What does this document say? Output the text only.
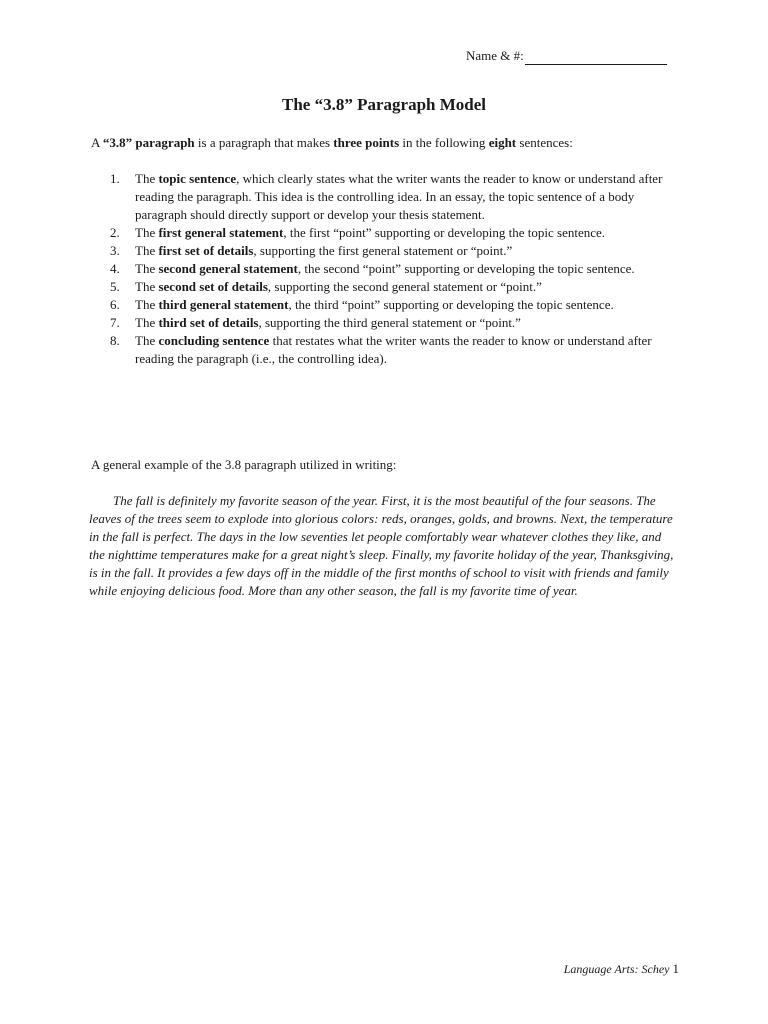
Name & #:
The “3.8” Paragraph Model

A “3.8” paragraph is a paragraph that makes three points in the following eight sentences:

1. The topic sentence, which clearly states what the writer wants the reader to know or understand after reading the paragraph. This idea is the controlling idea. In an essay, the topic sentence of a body paragraph should directly support or develop your thesis statement.
2. The first general statement, the first “point” supporting or developing the topic sentence.
3. The first set of details, supporting the first general statement or “point.”
4. The second general statement, the second “point” supporting or developing the topic sentence.
5. The second set of details, supporting the second general statement or “point.”
6. The third general statement, the third “point” supporting or developing the topic sentence.
7. The third set of details, supporting the third general statement or “point.”
8. The concluding sentence that restates what the writer wants the reader to know or understand after reading the paragraph (i.e., the controlling idea).

A general example of the 3.8 paragraph utilized in writing:

The fall is definitely my favorite season of the year. First, it is the most beautiful of the four seasons. The leaves of the trees seem to explode into glorious colors: reds, oranges, golds, and browns. Next, the temperature in the fall is perfect. The days in the low seventies let people comfortably wear whatever clothes they like, and the nighttime temperatures make for a great night’s sleep. Finally, my favorite holiday of the year, Thanksgiving, is in the fall. It provides a few days off in the middle of the first months of school to visit with friends and family while enjoying delicious food. More than any other season, the fall is my favorite time of year.

Language Arts: Schey 1
